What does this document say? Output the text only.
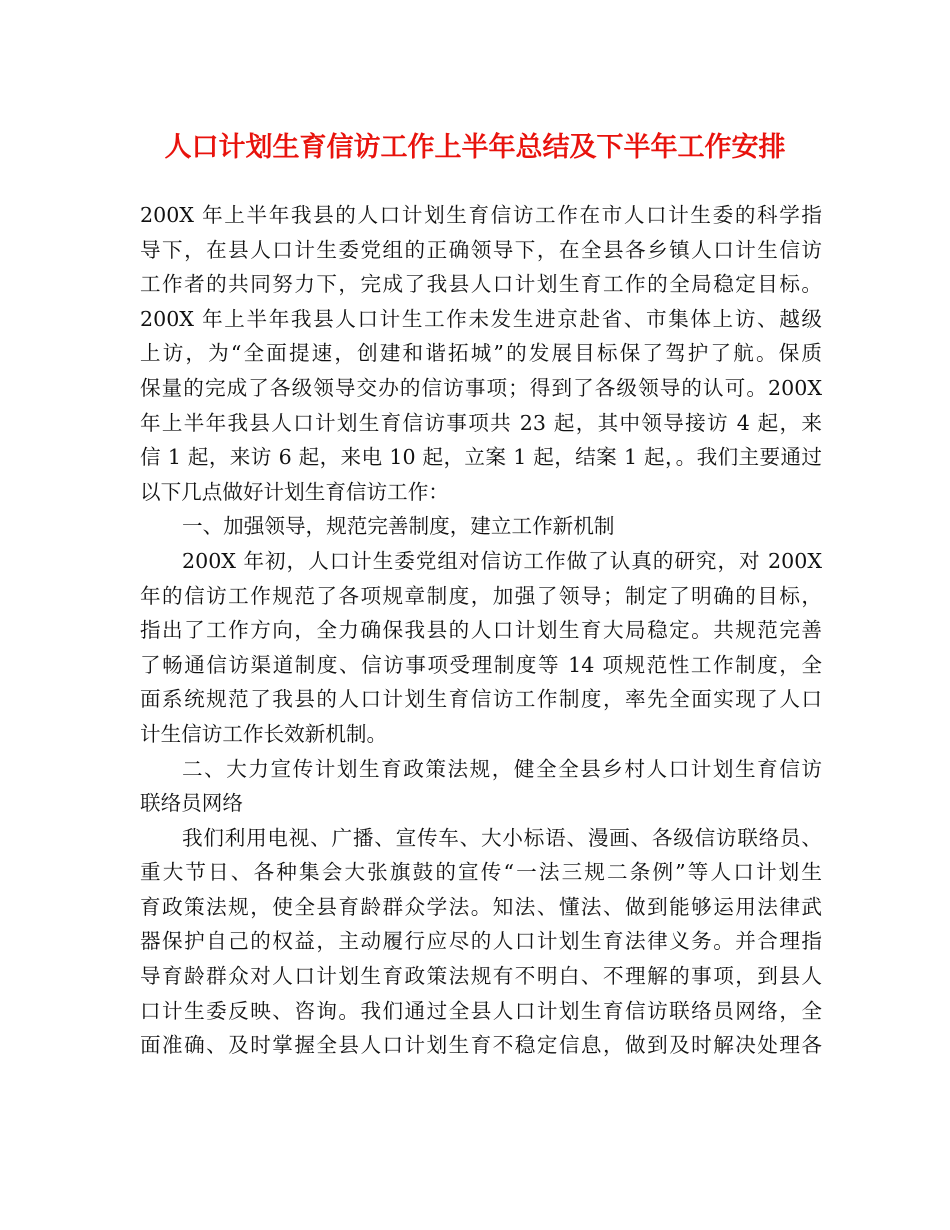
人口计划生育信访工作上半年总结及下半年工作安排
200X 年上半年我县的人口计划生育信访工作在市人口计生委的科学指
导下，在县人口计生委党组的正确领导下，在全县各乡镇人口计生信访
工作者的共同努力下，完成了我县人口计划生育工作的全局稳定目标。
200X 年上半年我县人口计生工作未发生进京赴省、市集体上访、越级
上访，为“全面提速，创建和谐拓城”的发展目标保了驾护了航。保质
保量的完成了各级领导交办的信访事项；得到了各级领导的认可。200X
年上半年我县人口计划生育信访事项共 23 起，其中领导接访 4 起，来
信 1 起，来访 6 起，来电 10 起，立案 1 起，结案 1 起，。我们主要通过
以下几点做好计划生育信访工作：
一、加强领导，规范完善制度，建立工作新机制
200X 年初，人口计生委党组对信访工作做了认真的研究，对 200X
年的信访工作规范了各项规章制度，加强了领导；制定了明确的目标，
指出了工作方向，全力确保我县的人口计划生育大局稳定。共规范完善
了畅通信访渠道制度、信访事项受理制度等 14 项规范性工作制度，全
面系统规范了我县的人口计划生育信访工作制度，率先全面实现了人口
计生信访工作长效新机制。
二、大力宣传计划生育政策法规，健全全县乡村人口计划生育信访
联络员网络
我们利用电视、广播、宣传车、大小标语、漫画、各级信访联络员、
重大节日、各种集会大张旗鼓的宣传“一法三规二条例”等人口计划生
育政策法规，使全县育龄群众学法。知法、懂法、做到能够运用法律武
器保护自己的权益，主动履行应尽的人口计划生育法律义务。并合理指
导育龄群众对人口计划生育政策法规有不明白、不理解的事项，到县人
口计生委反映、咨询。我们通过全县人口计划生育信访联络员网络，全
面准确、及时掌握全县人口计划生育不稳定信息，做到及时解决处理各
